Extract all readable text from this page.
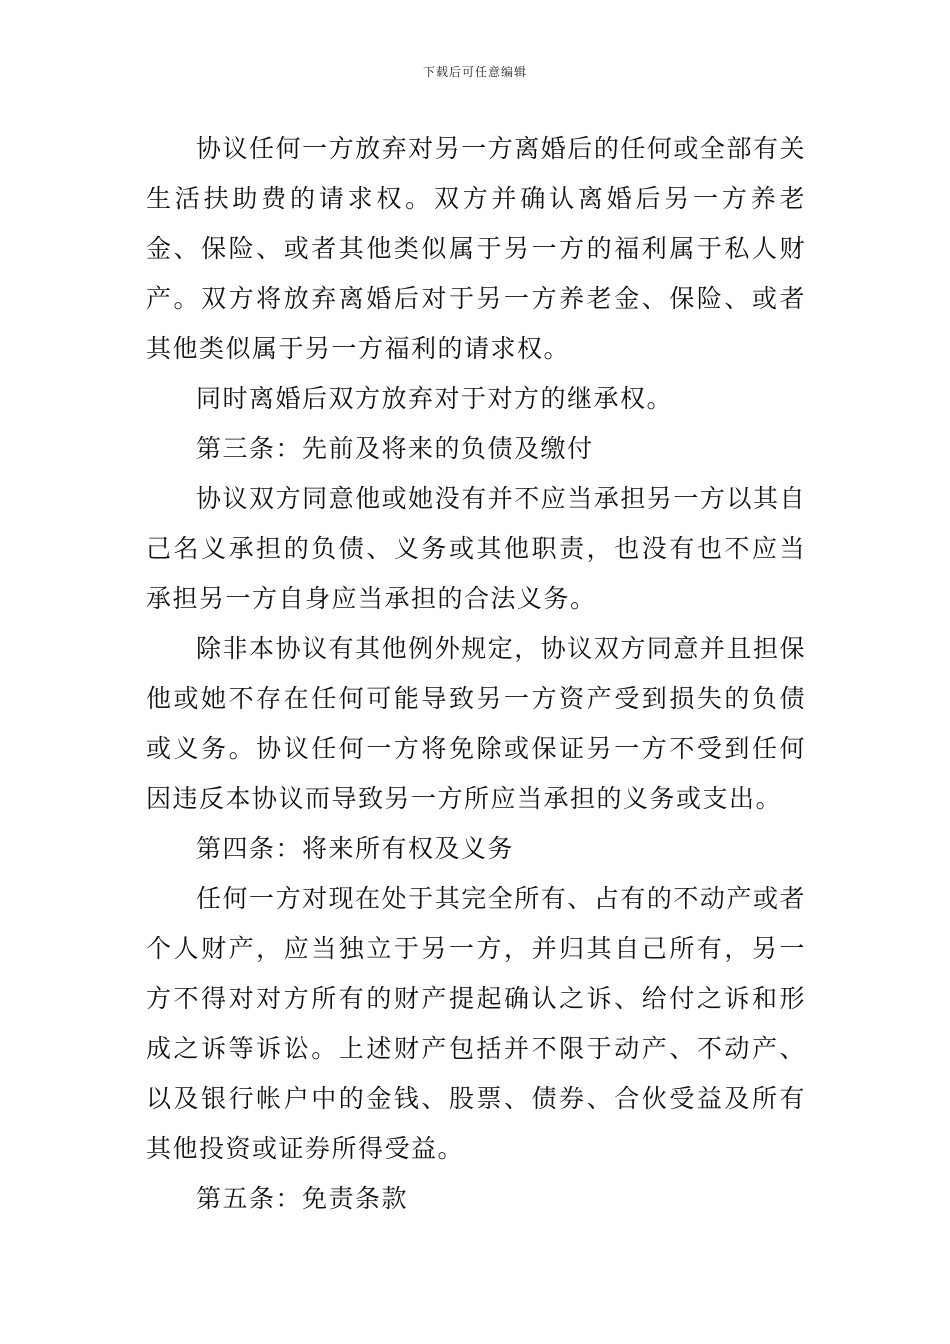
下载后可任意编辑

协议任何一方放弃对另一方离婚后的任何或全部有关生活扶助费的请求权。双方并确认离婚后另一方养老金、保险、或者其他类似属于另一方的福利属于私人财产。双方将放弃离婚后对于另一方养老金、保险、或者其他类似属于另一方福利的请求权。

同时离婚后双方放弃对于对方的继承权。

第三条：先前及将来的负债及缴付

协议双方同意他或她没有并不应当承担另一方以其自己名义承担的负债、义务或其他职责，也没有也不应当承担另一方自身应当承担的合法义务。

除非本协议有其他例外规定，协议双方同意并且担保他或她不存在任何可能导致另一方资产受到损失的负债或义务。协议任何一方将免除或保证另一方不受到任何因违反本协议而导致另一方所应当承担的义务或支出。

第四条：将来所有权及义务

任何一方对现在处于其完全所有、占有的不动产或者个人财产，应当独立于另一方，并归其自己所有，另一方不得对对方所有的财产提起确认之诉、给付之诉和形成之诉等诉讼。上述财产包括并不限于动产、不动产、以及银行帐户中的金钱、股票、债券、合伙受益及所有其他投资或证券所得受益。

第五条：免责条款
